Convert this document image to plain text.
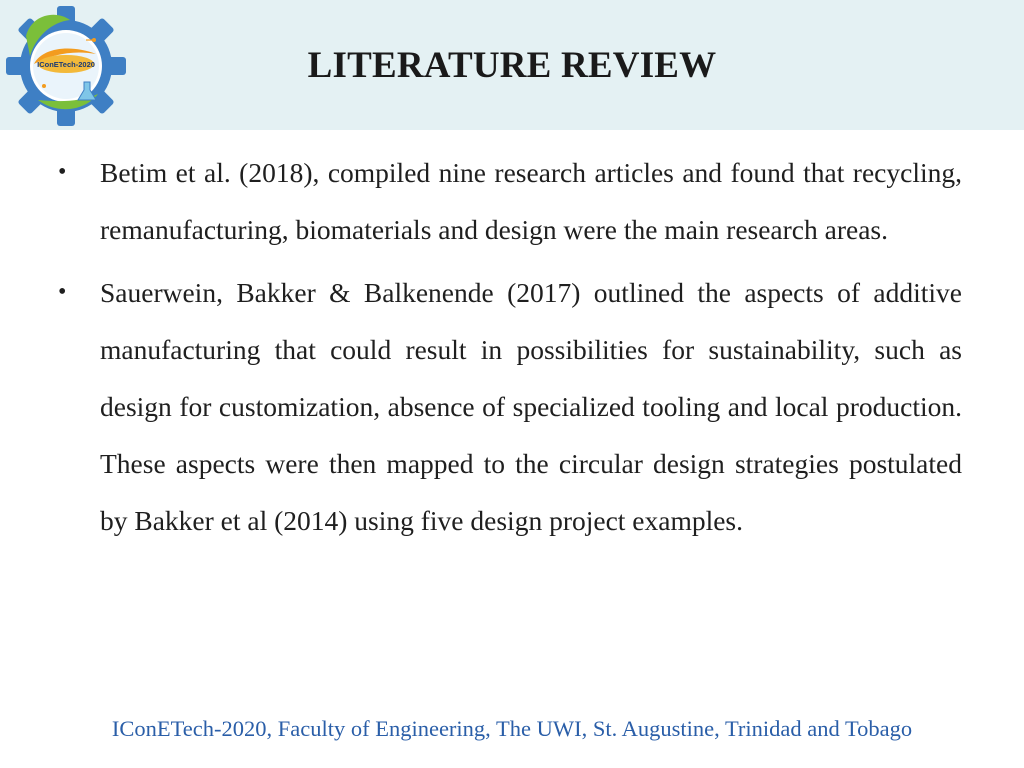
IConETech-2020	LITERATURE REVIEW
• Betim et al. (2018), compiled nine research articles and found that recycling, remanufacturing, biomaterials and design were the main research areas.
• Sauerwein, Bakker & Balkenende (2017) outlined the aspects of additive manufacturing that could result in possibilities for sustainability, such as design for customization, absence of specialized tooling and local production. These aspects were then mapped to the circular design strategies postulated by Bakker et al (2014) using five design project examples.
IConETech-2020, Faculty of Engineering, The UWI, St. Augustine, Trinidad and Tobago
